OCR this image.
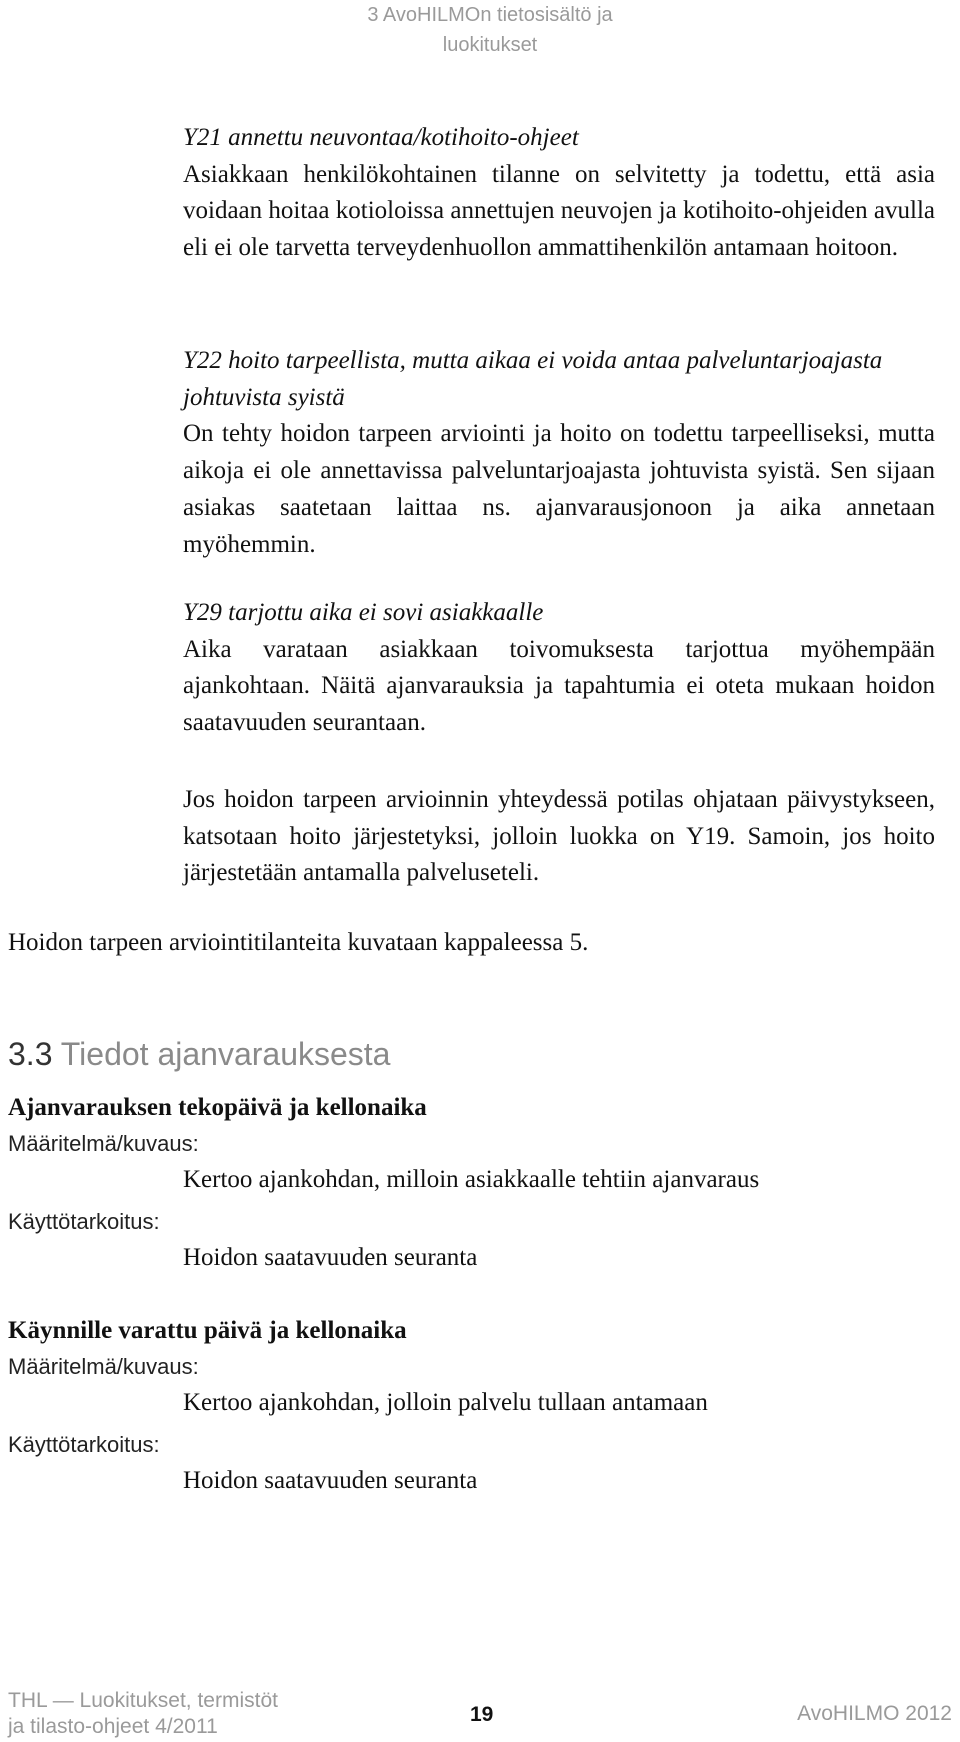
3 AvoHILMOn tietosisältö ja luokitukset
Y21 annettu neuvontaa/kotihoito-ohjeet

Asiakkaan henkilökohtainen tilanne on selvitetty ja todettu, että asia voidaan hoitaa kotioloissa annettujen neuvojen ja kotihoito-ohjeiden avulla eli ei ole tarvetta terveydenhuollon ammattihenkilön antamaan hoitoon.

Y22 hoito tarpeellista, mutta aikaa ei voida antaa palveluntarjoajasta johtuvista syistä

On tehty hoidon tarpeen arviointi ja hoito on todettu tarpeelliseksi, mutta aikoja ei ole annettavissa palveluntarjoajasta johtuvista syistä. Sen sijaan asiakas saatetaan laittaa ns. ajanvarausjonoon ja aika annetaan myöhemmin.

Y29 tarjottu aika ei sovi asiakkaalle

Aika varataan asiakkaan toivomuksesta tarjottua myöhempään ajankohtaan. Näitä ajanvarauksia ja tapahtumia ei oteta mukaan hoidon saatavuuden seurantaan.

Jos hoidon tarpeen arvioinnin yhteydessä potilas ohjataan päivystykseen, katsotaan hoito järjestetyksi, jolloin luokka on Y19. Samoin, jos hoito järjestetään antamalla palveluseteli.

Hoidon tarpeen arviointitilanteita kuvataan kappaleessa 5.

3.3 Tiedot ajanvarauksesta

Ajanvarauksen tekopäivä ja kellonaika

Määritelmä/kuvaus:

Kertoo ajankohdan, milloin asiakkaalle tehtiin ajanvaraus

Käyttötarkoitus:

Hoidon saatavuuden seuranta

Käynnille varattu päivä ja kellonaika

Määritelmä/kuvaus:

Kertoo ajankohdan, jolloin palvelu tullaan antamaan

Käyttötarkoitus:

Hoidon saatavuuden seuranta

THL — Luokitukset, termistöt ja tilasto-ohjeet 4/2011
19	AvoHILMO 2012
